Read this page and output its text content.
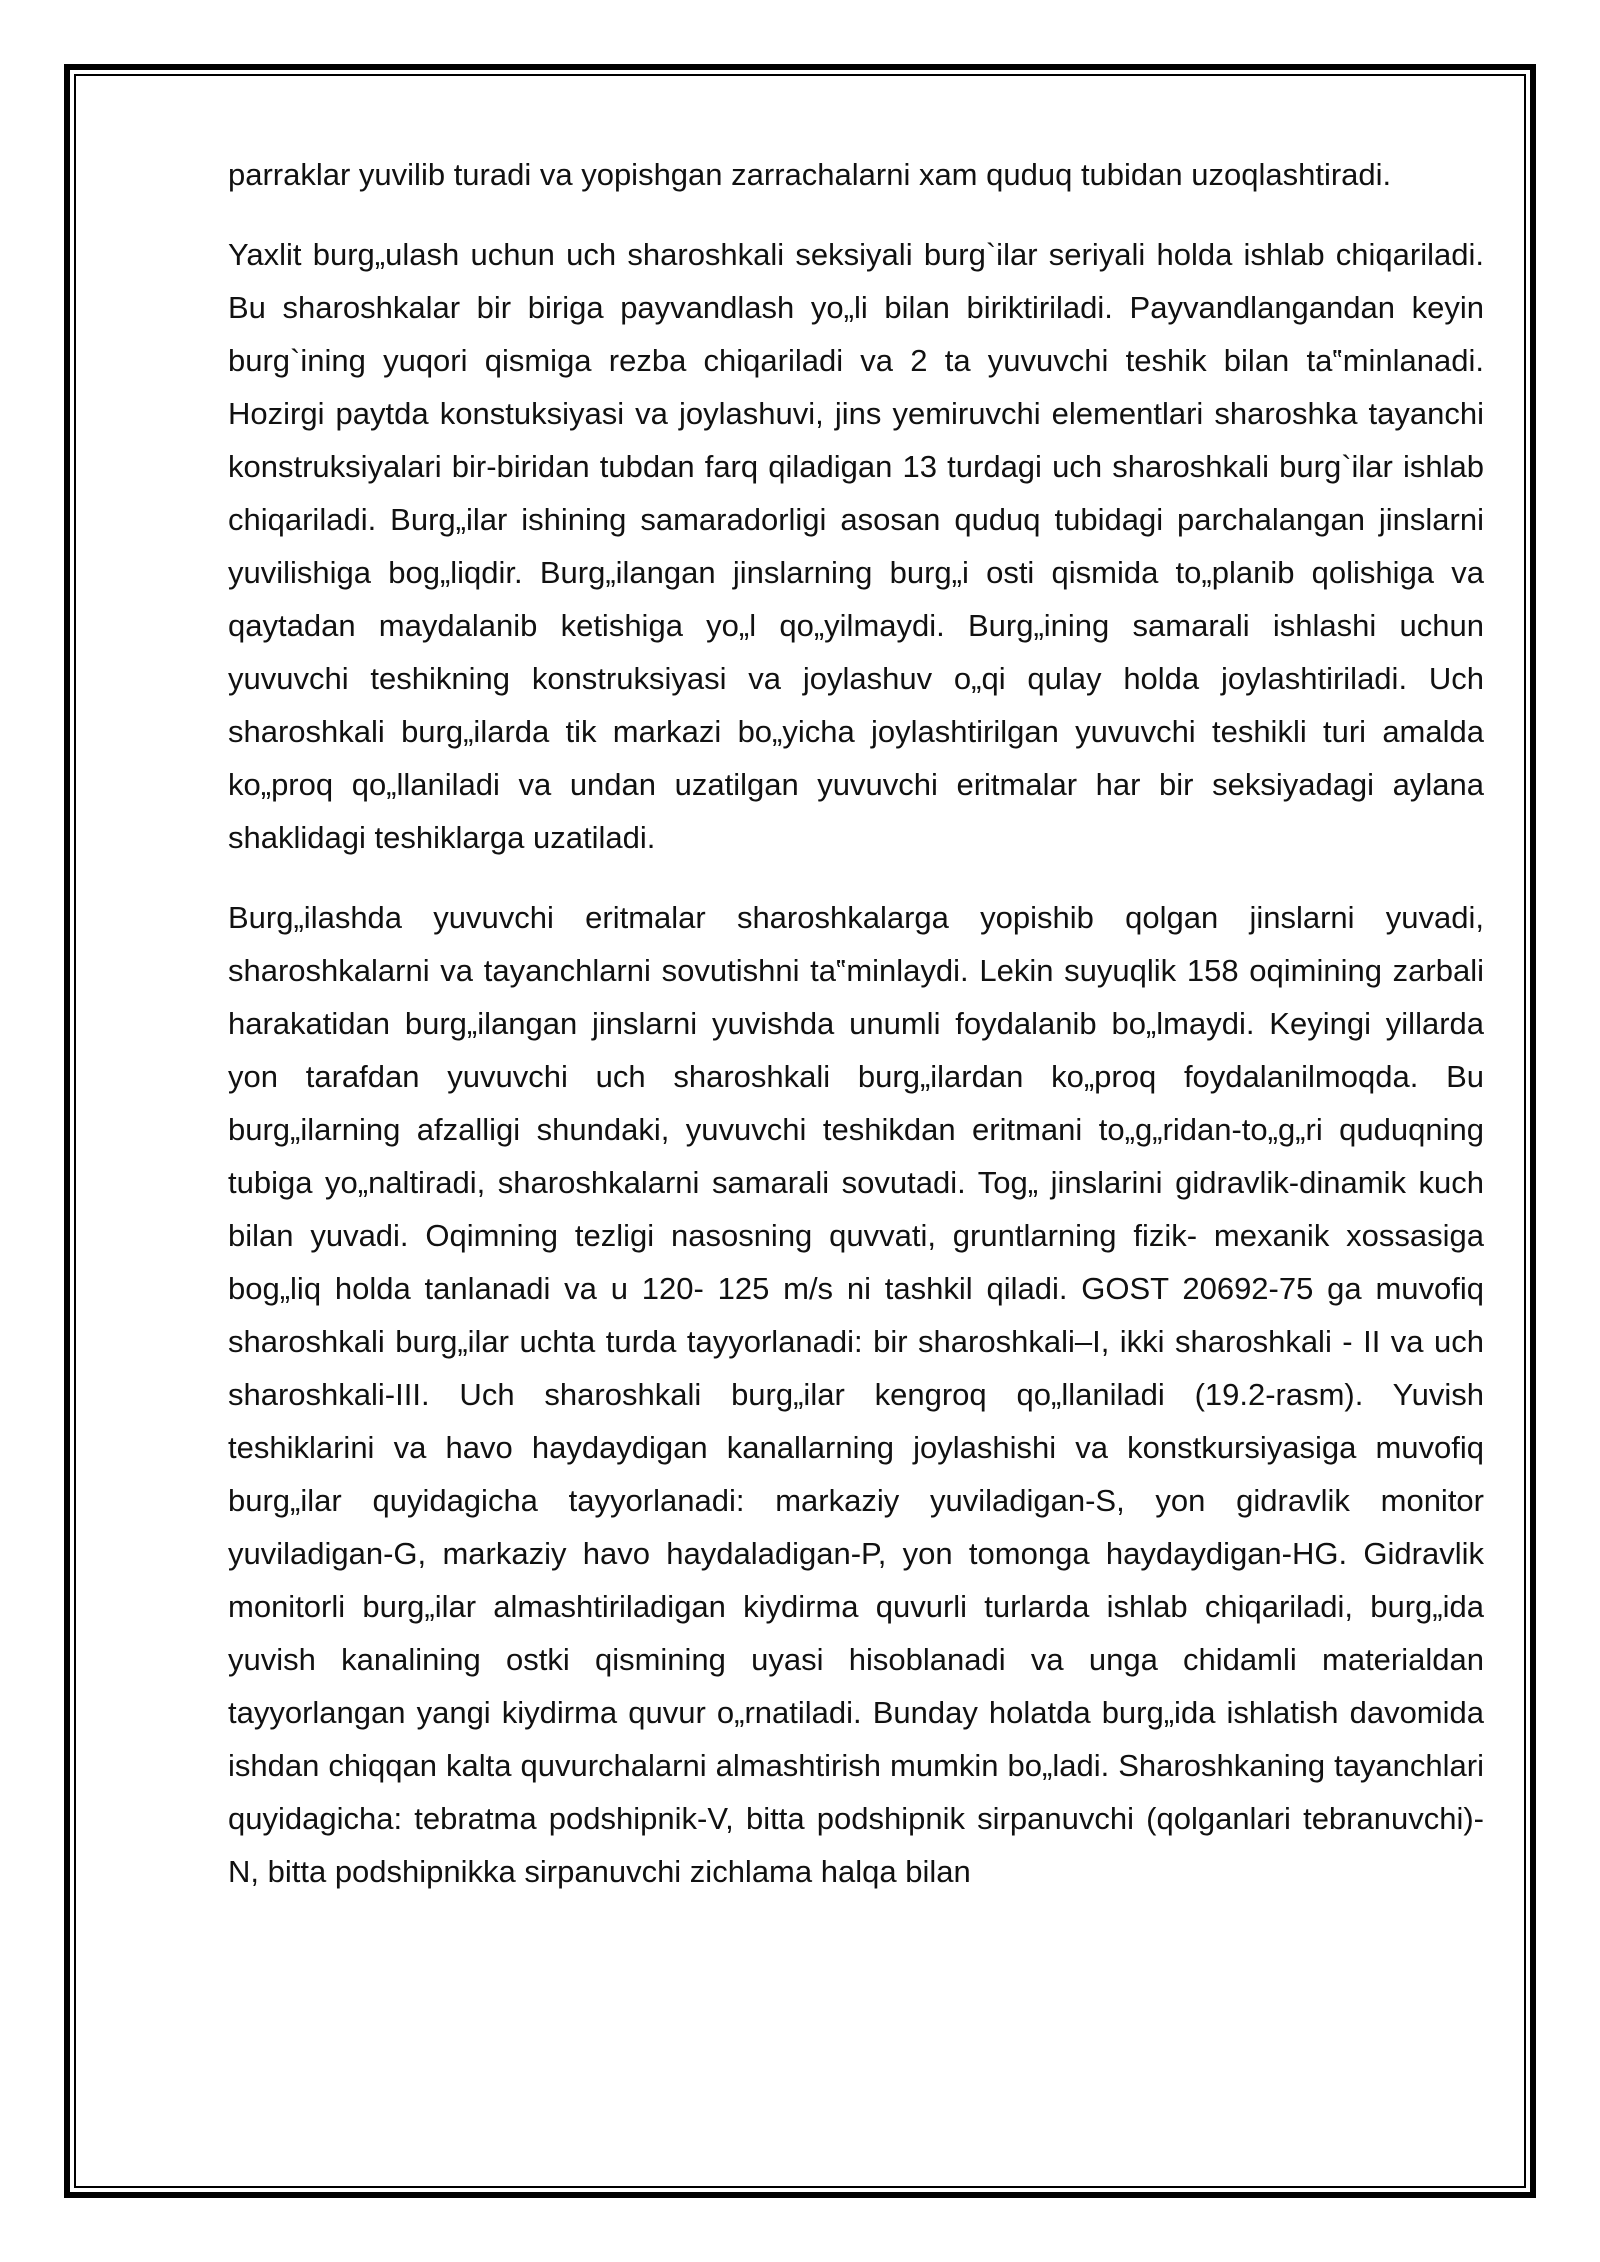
parraklar yuvilib turadi va yopishgan zarrachalarni xam quduq tubidan uzoqlashtiradi.

Yaxlit burg„ulash uchun uch sharoshkali seksiyali burg`ilar seriyali holda ishlab chiqariladi. Bu sharoshkalar bir biriga payvandlash yo„li bilan biriktiriladi. Payvandlangandan keyin burg`ining yuqori qismiga rezba chiqariladi va 2 ta yuvuvchi teshik bilan ta‟minlanadi. Hozirgi paytda konstuksiyasi va joylashuvi, jins yemiruvchi elementlari sharoshka tayanchi konstruksiyalari bir-biridan tubdan farq qiladigan 13 turdagi uch sharoshkali burg`ilar ishlab chiqariladi. Burg„ilar ishining samaradorligi asosan quduq tubidagi parchalangan jinslarni yuvilishiga bog„liqdir. Burg„ilangan jinslarning burg„i osti qismida to„planib qolishiga va qaytadan maydalanib ketishiga yo„l qo„yilmaydi. Burg„ining samarali ishlashi uchun yuvuvchi teshikning konstruksiyasi va joylashuv o„qi qulay holda joylashtiriladi. Uch sharoshkali burg„ilarda tik markazi bo„yicha joylashtirilgan yuvuvchi teshikli turi amalda ko„proq qo„llaniladi va undan uzatilgan yuvuvchi eritmalar har bir seksiyadagi aylana shaklidagi teshiklarga uzatiladi.

Burg„ilashda yuvuvchi eritmalar sharoshkalarga yopishib qolgan jinslarni yuvadi, sharoshkalarni va tayanchlarni sovutishni ta‟minlaydi. Lekin suyuqlik 158 oqimining zarbali harakatidan burg„ilangan jinslarni yuvishda unumli foydalanib bo„lmaydi. Keyingi yillarda yon tarafdan yuvuvchi uch sharoshkali burg„ilardan ko„proq foydalanilmoqda. Bu burg„ilarning afzalligi shundaki, yuvuvchi teshikdan eritmani to„g„ridan-to„g„ri quduqning tubiga yo„naltiradi, sharoshkalarni samarali sovutadi. Tog„ jinslarini gidravlik-dinamik kuch bilan yuvadi. Oqimning tezligi nasosning quvvati, gruntlarning fizik- mexanik xossasiga bog„liq holda tanlanadi va u 120- 125 m/s ni tashkil qiladi. GOST 20692-75 ga muvofiq sharoshkali burg„ilar uchta turda tayyorlanadi: bir sharoshkali–I, ikki sharoshkali - II va uch sharoshkali-III. Uch sharoshkali burg„ilar kengroq qo„llaniladi (19.2-rasm). Yuvish teshiklarini va havo haydaydigan kanallarning joylashishi va konstkursiyasiga muvofiq burg„ilar quyidagicha tayyorlanadi: markaziy yuviladigan-S, yon gidravlik monitor yuviladigan-G, markaziy havo haydaladigan-P, yon tomonga haydaydigan-HG. Gidravlik monitorli burg„ilar almashtiriladigan kiydirma quvurli turlarda ishlab chiqariladi, burg„ida yuvish kanalining ostki qismining uyasi hisoblanadi va unga chidamli materialdan tayyorlangan yangi kiydirma quvur o„rnatiladi. Bunday holatda burg„ida ishlatish davomida ishdan chiqqan kalta quvurchalarni almashtirish mumkin bo„ladi. Sharoshkaning tayanchlari quyidagicha: tebratma podshipnik-V, bitta podshipnik sirpanuvchi (qolganlari tebranuvchi)-N, bitta podshipnikka sirpanuvchi zichlama halqa bilan
